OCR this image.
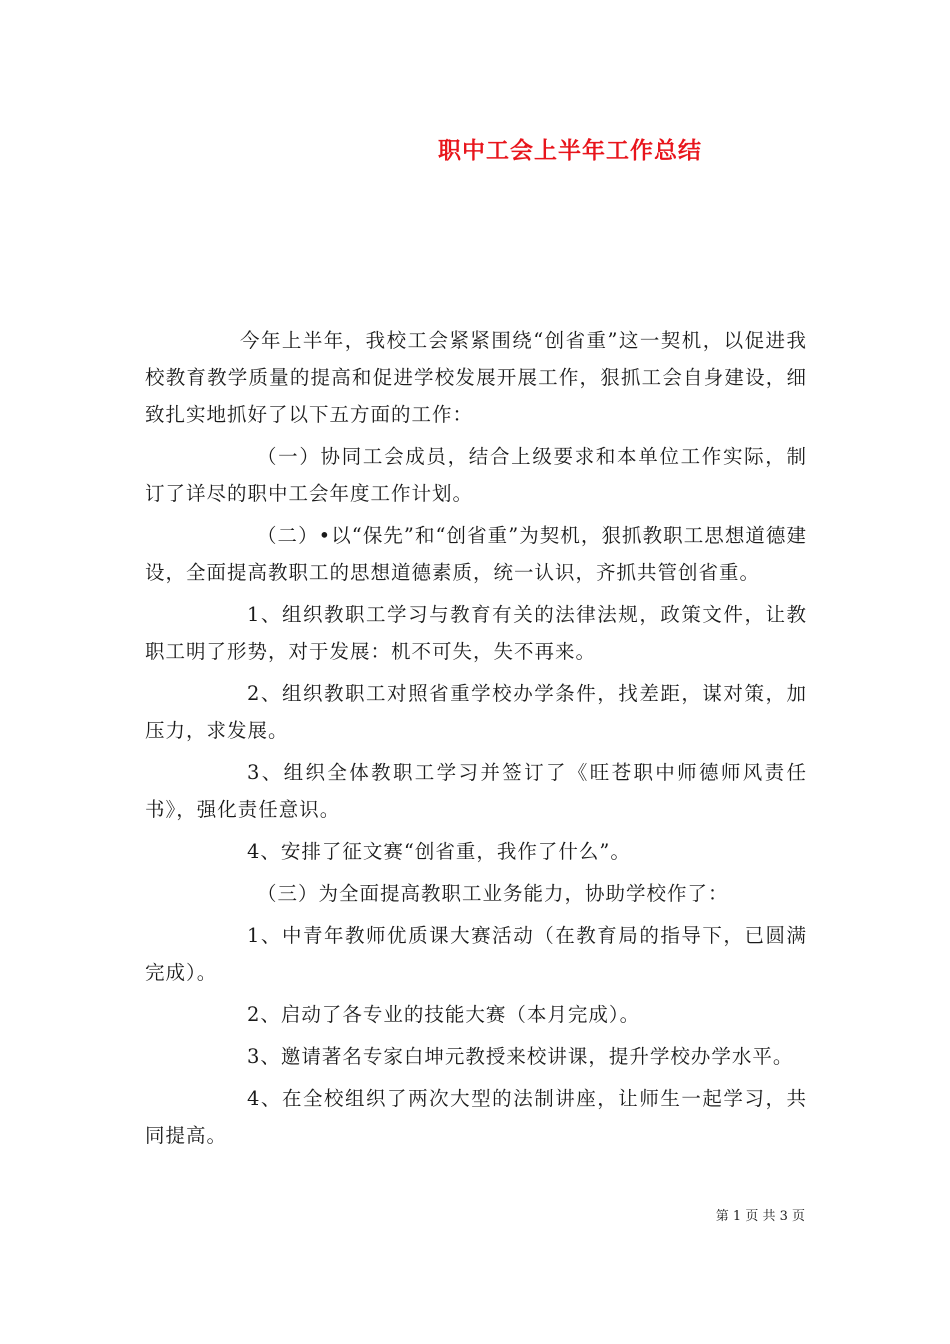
职中工会上半年工作总结

今年上半年，我校工会紧紧围绕“创省重”这一契机，以促进我校教育教学质量的提高和促进学校发展开展工作，狠抓工会自身建设，细致扎实地抓好了以下五方面的工作：

（一）协同工会成员，结合上级要求和本单位工作实际，制订了详尽的职中工会年度工作计划。

（二）•以“保先”和“创省重”为契机，狠抓教职工思想道德建设，全面提高教职工的思想道德素质，统一认识，齐抓共管创省重。

1、组织教职工学习与教育有关的法律法规，政策文件，让教职工明了形势，对于发展：机不可失，失不再来。

2、组织教职工对照省重学校办学条件，找差距，谋对策，加压力，求发展。

3、组织全体教职工学习并签订了《旺苍职中师德师风责任书》，强化责任意识。

4、安排了征文赛“创省重，我作了什么”。

（三）为全面提高教职工业务能力，协助学校作了：

1、中青年教师优质课大赛活动（在教育局的指导下，已圆满完成）。

2、启动了各专业的技能大赛（本月完成）。

3、邀请著名专家白坤元教授来校讲课，提升学校办学水平。

4、在全校组织了两次大型的法制讲座，让师生一起学习，共同提高。

第 1 页 共 3 页
